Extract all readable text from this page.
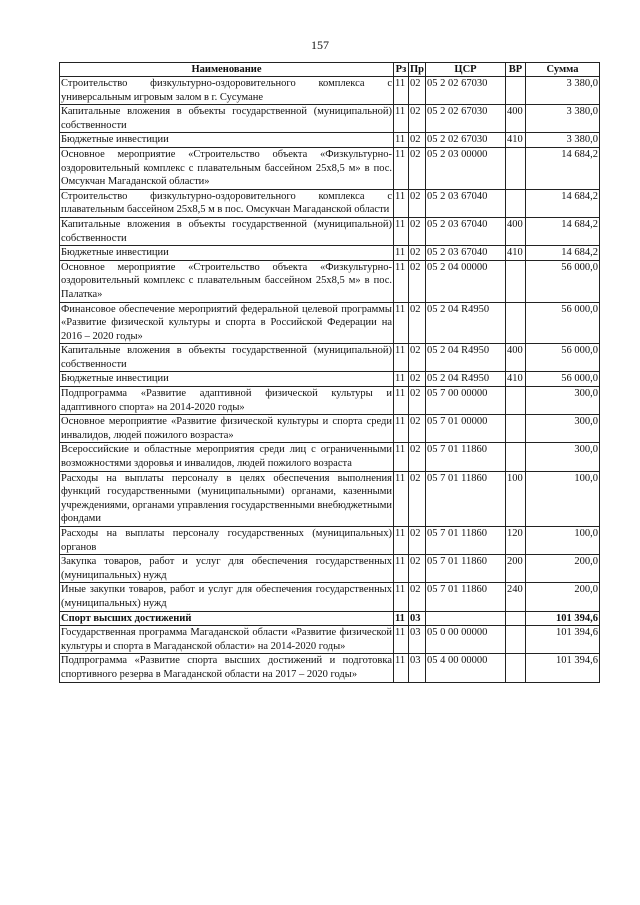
157
Наименование	Рз	Пр	ЦСР	ВР	Сумма
Строительство физкультурно-оздоровительного комплекса с универсальным игровым залом в г. Сусумане	11	02	05 2 02 67030		3 380,0
Капитальные вложения в объекты государственной (муниципальной) собственности	11	02	05 2 02 67030	400	3 380,0
Бюджетные инвестиции	11	02	05 2 02 67030	410	3 380,0
Основное мероприятие «Строительство объекта «Физкультурно-оздоровительный комплекс с плавательным бассейном 25х8,5 м» в пос. Омсукчан Магаданской области»	11	02	05 2 03 00000		14 684,2
Строительство физкультурно-оздоровительного комплекса с плавательным бассейном 25х8,5 м в пос. Омсукчан Магаданской области	11	02	05 2 03 67040		14 684,2
Капитальные вложения в объекты государственной (муниципальной) собственности	11	02	05 2 03 67040	400	14 684,2
Бюджетные инвестиции	11	02	05 2 03 67040	410	14 684,2
Основное мероприятие «Строительство объекта «Физкультурно-оздоровительный комплекс с плавательным бассейном 25х8,5 м» в пос. Палатка»	11	02	05 2 04 00000		56 000,0
Финансовое обеспечение мероприятий федеральной целевой программы «Развитие физической культуры и спорта в Российской Федерации на 2016 – 2020 годы»	11	02	05 2 04 R4950		56 000,0
Капитальные вложения в объекты государственной (муниципальной) собственности	11	02	05 2 04 R4950	400	56 000,0
Бюджетные инвестиции	11	02	05 2 04 R4950	410	56 000,0
Подпрограмма «Развитие адаптивной физической культуры и адаптивного спорта» на 2014-2020 годы»	11	02	05 7 00 00000		300,0
Основное мероприятие «Развитие физической культуры и спорта среди инвалидов, людей пожилого возраста»	11	02	05 7 01 00000		300,0
Всероссийские и областные мероприятия среди лиц с ограниченными возможностями здоровья и инвалидов, людей пожилого возраста	11	02	05 7 01 11860		300,0
Расходы на выплаты персоналу в целях обеспечения выполнения функций государственными (муниципальными) органами, казенными учреждениями, органами управления государственными внебюджетными фондами	11	02	05 7 01 11860	100	100,0
Расходы на выплаты персоналу государственных (муниципальных) органов	11	02	05 7 01 11860	120	100,0
Закупка товаров, работ и услуг для обеспечения государственных (муниципальных) нужд	11	02	05 7 01 11860	200	200,0
Иные закупки товаров, работ и услуг для обеспечения государственных (муниципальных) нужд	11	02	05 7 01 11860	240	200,0
Спорт высших достижений	11	03			101 394,6
Государственная программа Магаданской области «Развитие физической культуры и спорта в Магаданской области» на 2014-2020 годы»	11	03	05 0 00 00000		101 394,6
Подпрограмма «Развитие спорта высших достижений и подготовка спортивного резерва в Магаданской области на 2017 – 2020 годы»	11	03	05 4 00 00000		101 394,6
